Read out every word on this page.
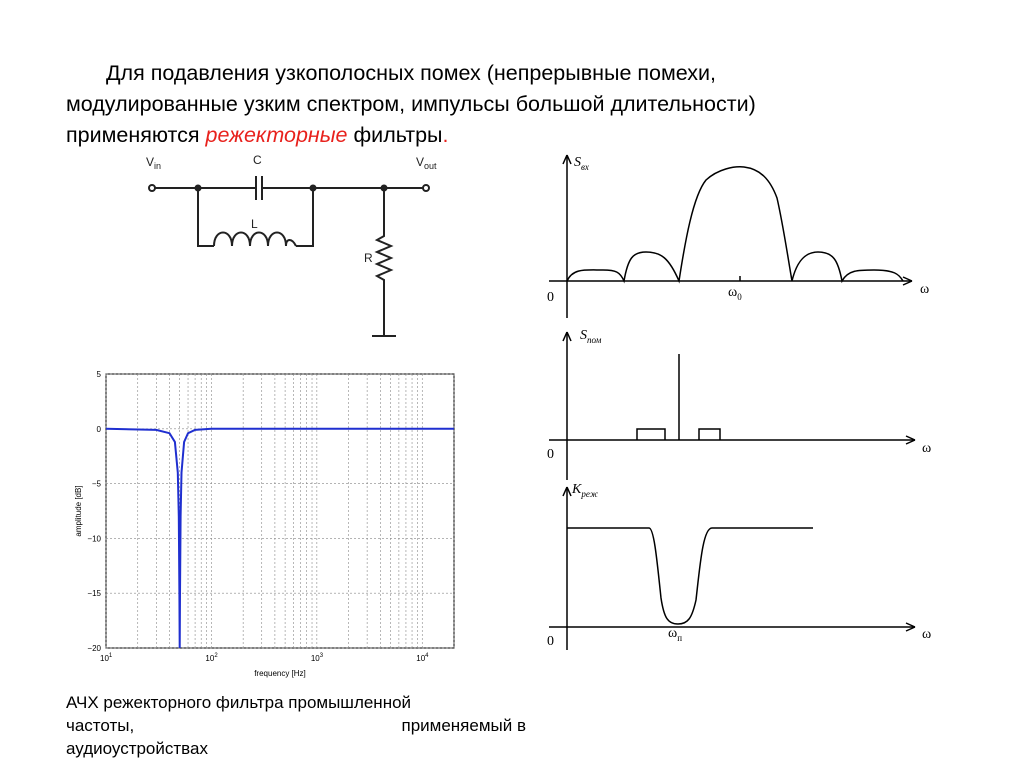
Для подавления узкополосных помех (непрерывные помехи,
модулированные узким спектром, импульсы большой длительности)
применяются режекторные фильтры.
$V_{in}$	$V_{out}$
C
L
R
5
0
−5
−10
−15
−20
$10^1$	$10^2$	$10^3$	$10^4$
amplitude [dB]
frequency [Hz]
0
ω
$S_{вх}$
$\omega_0$
0	ω
$S_{пом}$
0	ω
$K_{реж}$
$\omega_п$
АЧХ режекторного фильтра промышленной
частоты,	применяемый в
аудиоустройствах
